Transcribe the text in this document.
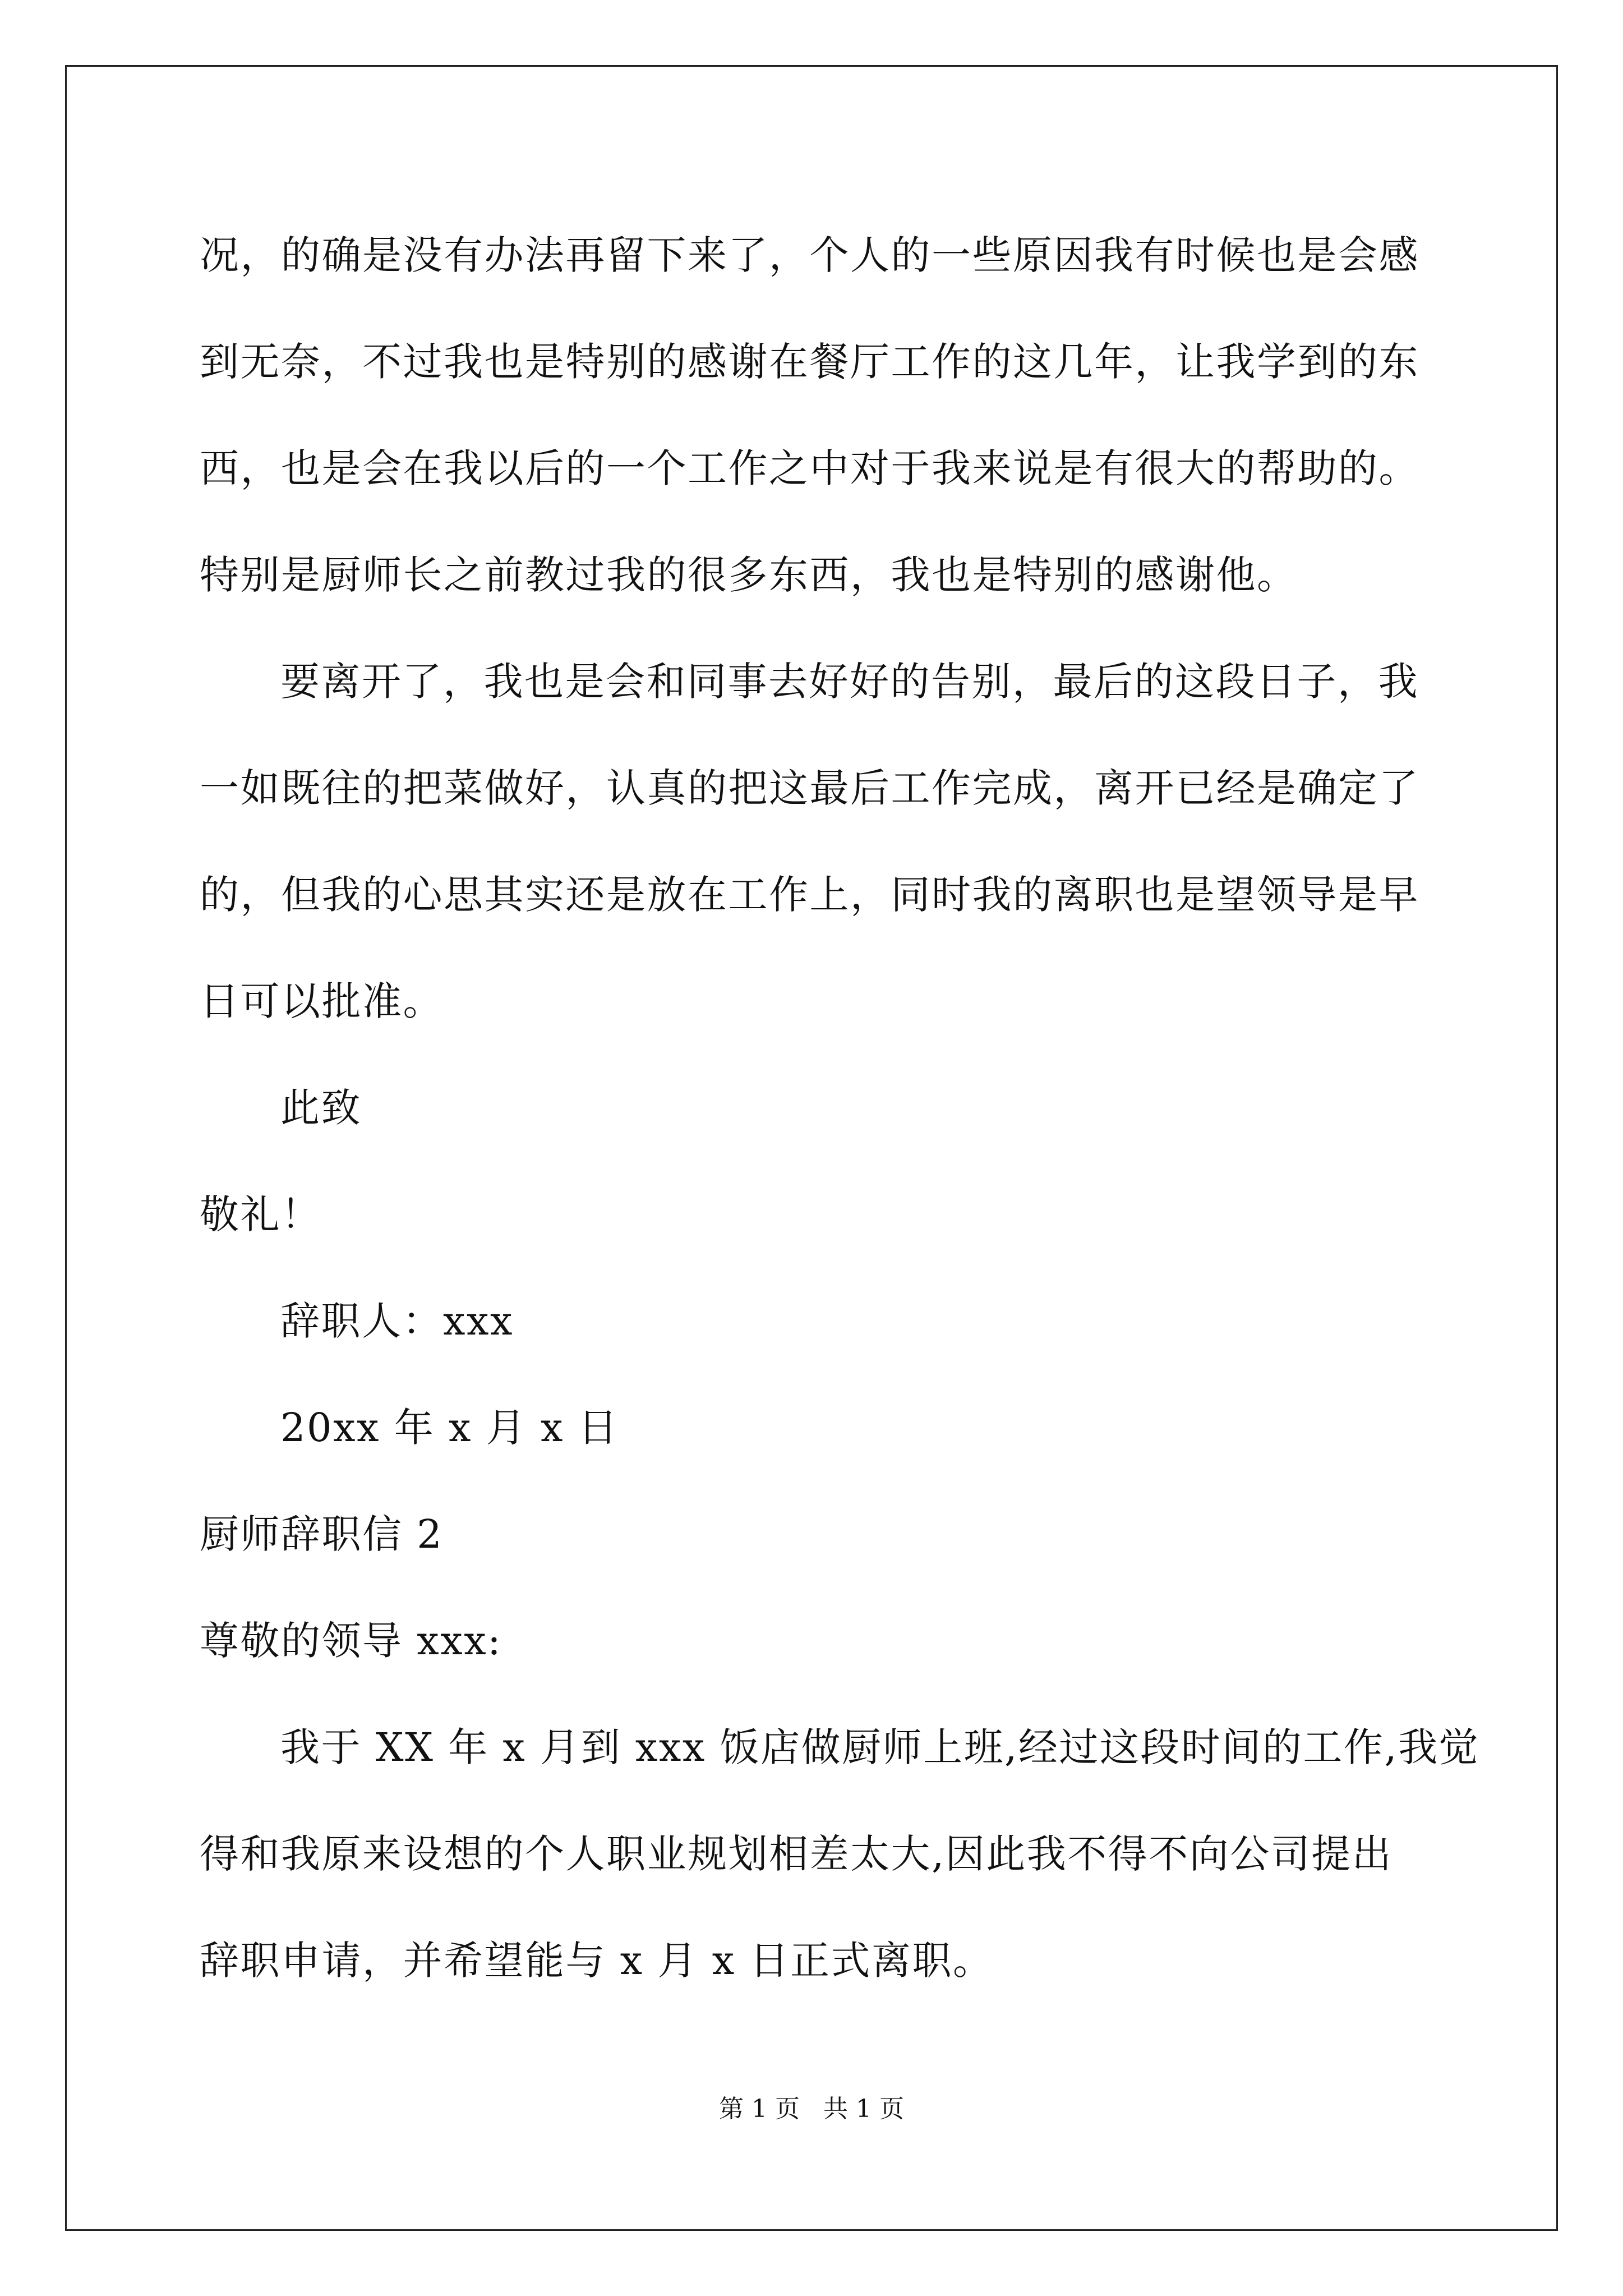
况，的确是没有办法再留下来了，个人的一些原因我有时候也是会感
到无奈，不过我也是特别的感谢在餐厅工作的这几年，让我学到的东
西，也是会在我以后的一个工作之中对于我来说是有很大的帮助的。
特别是厨师长之前教过我的很多东西，我也是特别的感谢他。
要离开了，我也是会和同事去好好的告别，最后的这段日子，我
一如既往的把菜做好，认真的把这最后工作完成，离开已经是确定了
的，但我的心思其实还是放在工作上，同时我的离职也是望领导是早
日可以批准。
此致
敬礼！
辞职人：xxx
20xx 年 x 月 x 日
厨师辞职信 2
尊敬的领导 xxx:
我于 XX 年 x 月到 xxx 饭店做厨师上班,经过这段时间的工作,我觉
得和我原来设想的个人职业规划相差太大,因此我不得不向公司提出
辞职申请，并希望能与 x 月 x 日正式离职。
第 1 页   共 1 页
